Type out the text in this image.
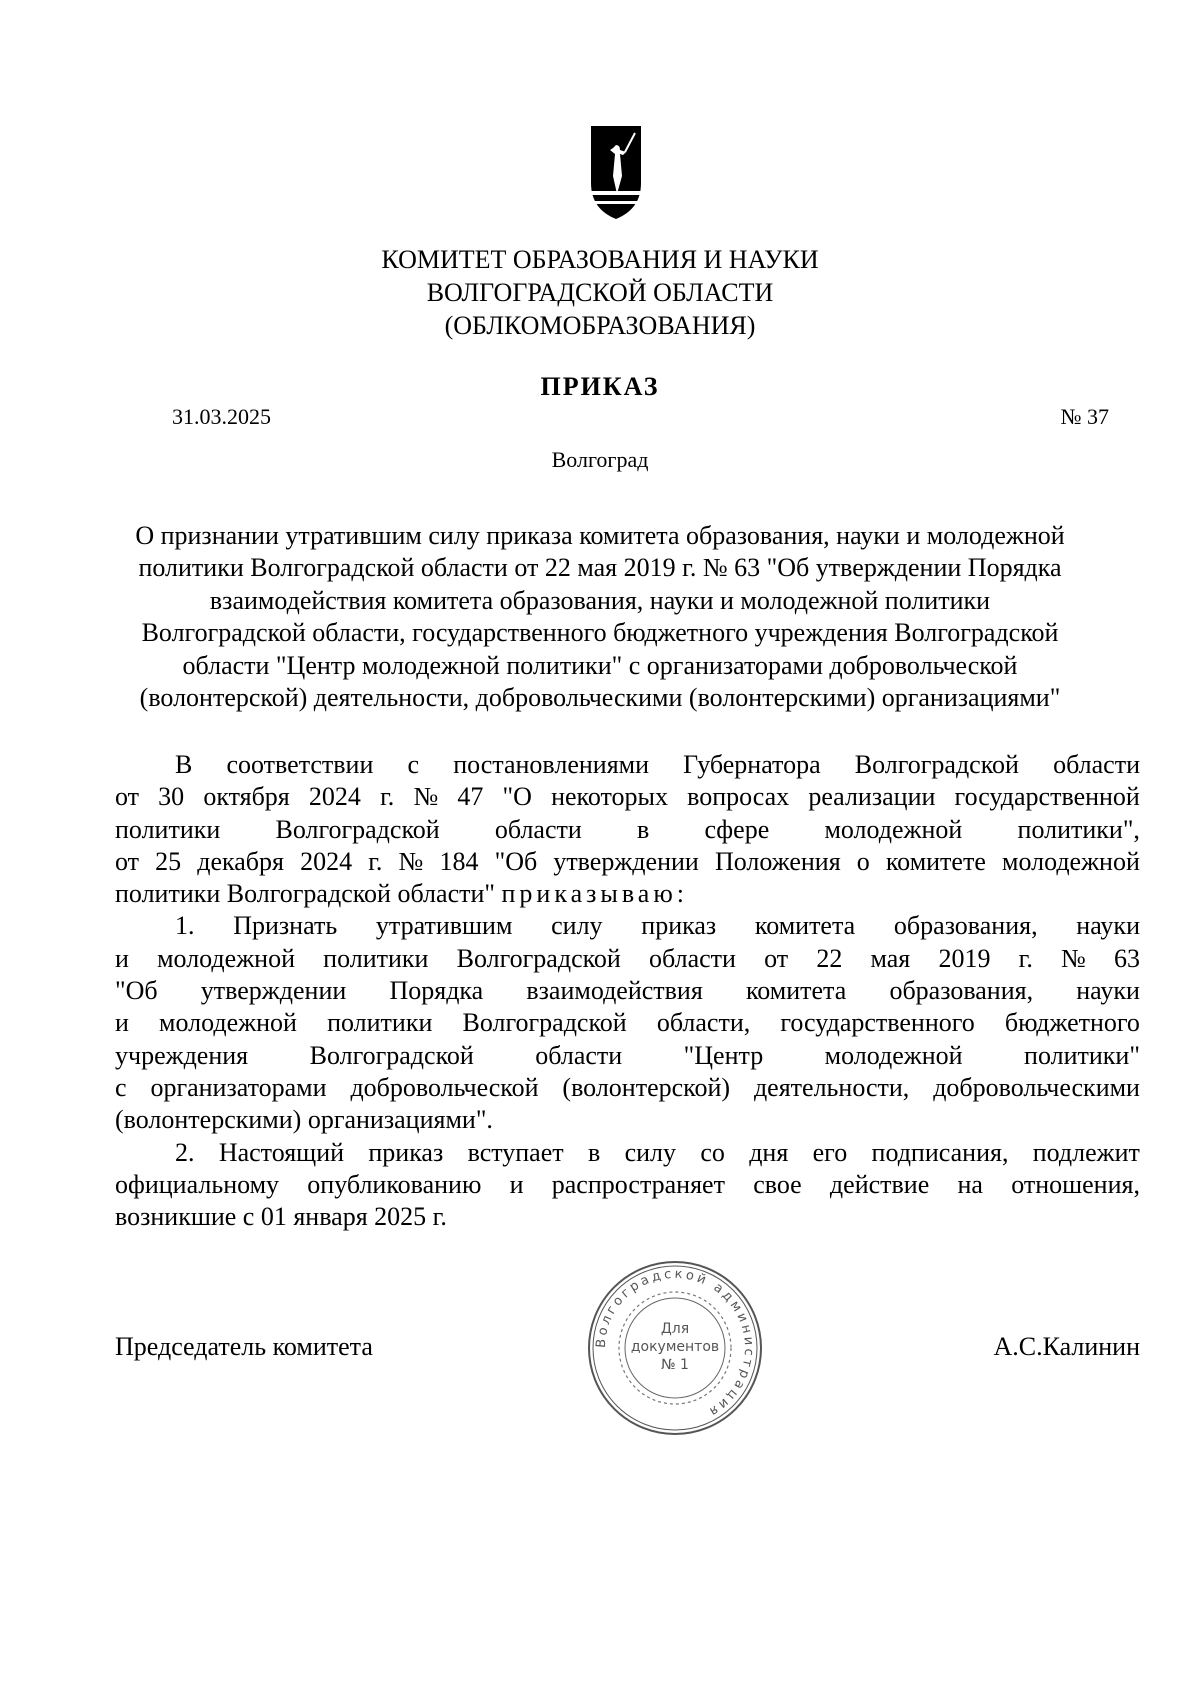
КОМИТЕТ ОБРАЗОВАНИЯ И НАУКИ
ВОЛГОГРАДСКОЙ ОБЛАСТИ
(ОБЛКОМОБРАЗОВАНИЯ)
ПРИКАЗ
31.03.2025	№ 37
Волгоград
О признании утратившим силу приказа комитета образования, науки и молодежной
политики Волгоградской области от 22 мая 2019 г. № 63 "Об утверждении Порядка
взаимодействия комитета образования, науки и молодежной политики
Волгоградской области, государственного бюджетного учреждения Волгоградской
области "Центр молодежной политики" с организаторами добровольческой
(волонтерской) деятельности, добровольческими (волонтерскими) организациями"
В соответствии с постановлениями Губернатора Волгоградской области
от 30 октября 2024 г. № 47 "О некоторых вопросах реализации государственной
политики Волгоградской области в сфере молодежной политики",
от 25 декабря 2024 г. № 184 "Об утверждении Положения о комитете молодежной
политики Волгоградской области" приказываю:
1. Признать утратившим силу приказ комитета образования, науки
и молодежной политики Волгоградской области от 22 мая 2019 г. № 63
"Об утверждении Порядка взаимодействия комитета образования, науки
и молодежной политики Волгоградской области, государственного бюджетного
учреждения Волгоградской области "Центр молодежной политики"
с организаторами добровольческой (волонтерской) деятельности, добровольческими
(волонтерскими) организациями".
2. Настоящий приказ вступает в силу со дня его подписания, подлежит
официальному опубликованию и распространяет свое действие на отношения,
возникшие с 01 января 2025 г.
Председатель комитета	А.С.Калинин
Волгоградской администрация
Для
документов
№ 1
